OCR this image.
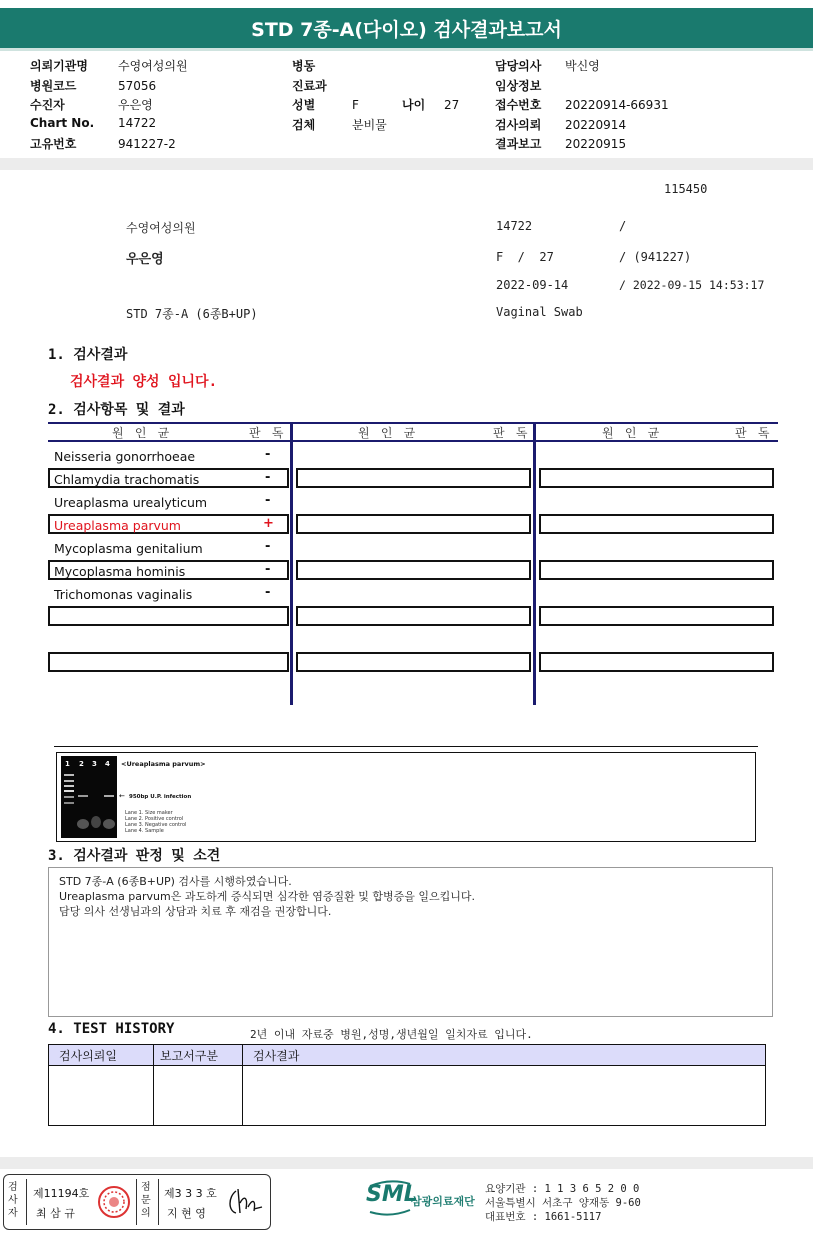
STD 7종-A(다이오) 검사결과보고서
의뢰기관명	수영여성의원
병원코드	57056
수진자	우은영
Chart No. 14722
고유번호	941227-2
병동
진료과
성별	F	나이 27
검체	분비물
담당의사 박신영
임상정보
접수번호 20220914-66931
검사의뢰 20220914
결과보고 20220915
115450
수영여성의원	14722	/
우은영	F  /  27	/ (941227)
2022-09-14	/ 2022-09-15 14:53:17
STD 7종-A (6종B+UP)	Vaginal Swab
1. 검사결과
검사결과 양성 입니다.
2. 검사항목 및 결과
원 인 균	판 독	원 인 균	판 독	원 인 균	판 독
Neisseria gonorrhoeae	-
Chlamydia trachomatis	-
Ureaplasma urealyticum	-
Ureaplasma parvum	+
Mycoplasma genitalium	-
Mycoplasma hominis	-
Trichomonas vaginalis	-
1 2 3 4 <Ureaplasma parvum>
← 950bp U.P. infection
Lane 1. Size maker
Lane 2. Positive control
Lane 3. Negative control
Lane 4. Sample
3. 검사결과 판정 및 소견
STD 7종-A (6종B+UP) 검사를 시행하였습니다.
Ureaplasma parvum은 과도하게 증식되면 심각한 염증질환 및 합병증을 일으킵니다.
담당 의사 선생님과의 상담과 치료 후 재검을 권장합니다.
4. TEST HISTORY	2년 이내 자료중 병원,성명,생년월일 일치자료 입니다.
검사의뢰일	보고서구분	검사결과

검
사
자
제11194호
최 삼 규
점
문
의
제3 3 3 호
지 현 영
SML
삼광의료재단
요양기관 : 1 1 3 6 5 2 0 0
서울특별시 서초구 양재동 9-60
대표번호 : 1661-5117
